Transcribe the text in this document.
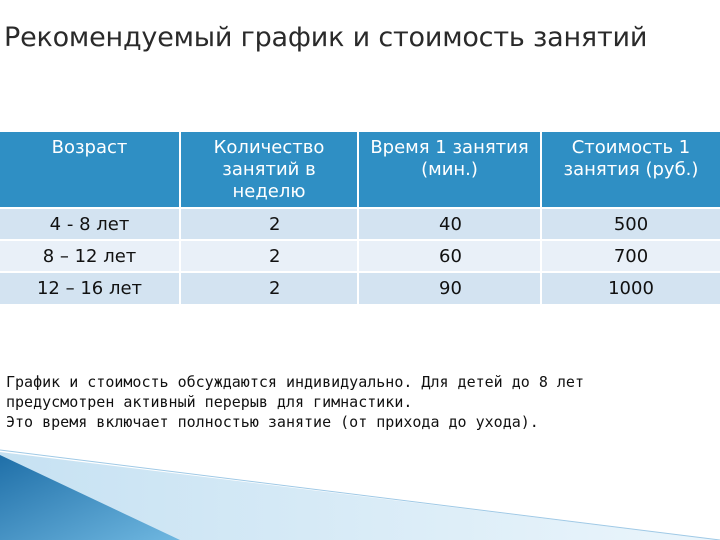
Рекомендуемый график и стоимость занятий
Возраст	Количество занятий в неделю	Время 1 занятия (мин.)	Стоимость 1 занятия (руб.)
4 - 8 лет	2	40	500
8 – 12 лет	2	60	700
12 – 16 лет	2	90	1000

График и стоимость обсуждаются индивидуально. Для детей до 8 лет

предусмотрен активный перерыв для гимнастики.

Это время включает полностью занятие (от прихода до ухода).
